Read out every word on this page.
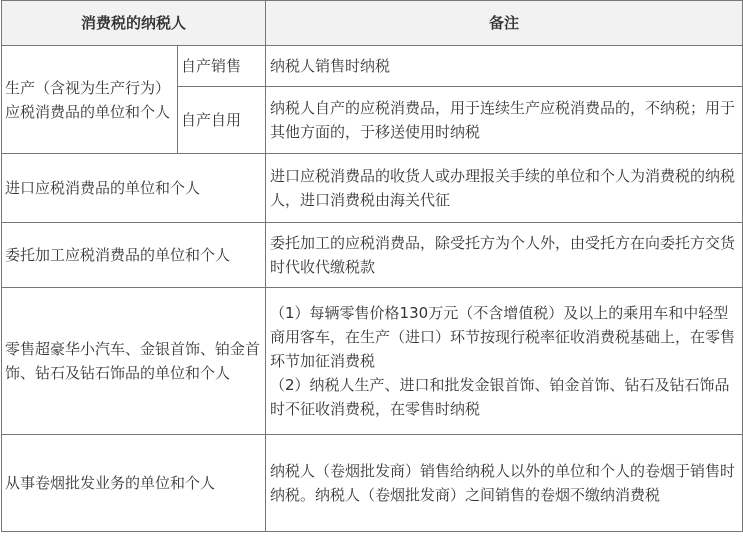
消费税的纳税人		备注
生产（含视为生产行为）应税消费品的单位和个人	自产销售	纳税人销售时纳税
	自产自用	纳税人自产的应税消费品，用于连续生产应税消费品的，不纳税；用于其他方面的，于移送使用时纳税
进口应税消费品的单位和个人		进口应税消费品的收货人或办理报关手续的单位和个人为消费税的纳税人，进口消费税由海关代征
委托加工应税消费品的单位和个人		委托加工的应税消费品，除受托方为个人外，由受托方在向委托方交货时代收代缴税款
零售超豪华小汽车、金银首饰、铂金首饰、钻石及钻石饰品的单位和个人		（1）每辆零售价格130万元（不含增值税）及以上的乘用车和中轻型商用客车，在生产（进口）环节按现行税率征收消费税基础上，在零售环节加征消费税
（2）纳税人生产、进口和批发金银首饰、铂金首饰、钻石及钻石饰品时不征收消费税，在零售时纳税

从事卷烟批发业务的单位和个人		纳税人（卷烟批发商）销售给纳税人以外的单位和个人的卷烟于销售时纳税。纳税人（卷烟批发商）之间销售的卷烟不缴纳消费税
